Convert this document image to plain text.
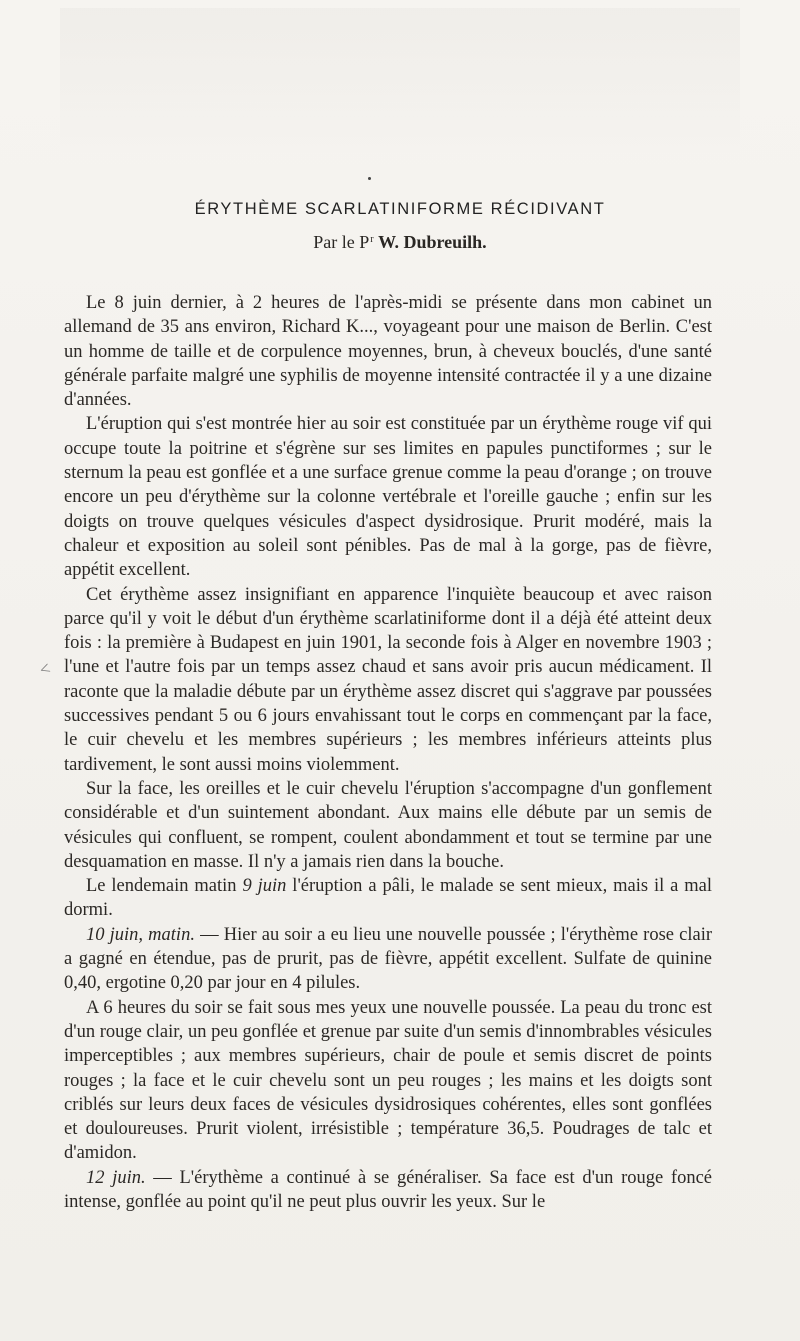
ÉRYTHÈME SCARLATINIFORME RÉCIDIVANT
Par le $P^r$ W. Dubreuilh.
<

Le 8 juin dernier, à 2 heures de l'après-midi se présente dans mon cabinet un allemand de 35 ans environ, Richard K..., voyageant pour une maison de Berlin. C'est un homme de taille et de corpulence moyennes, brun, à cheveux bouclés, d'une santé générale parfaite malgré une syphilis de moyenne intensité contractée il y a une dizaine d'années.

L'éruption qui s'est montrée hier au soir est constituée par un érythème rouge vif qui occupe toute la poitrine et s'égrène sur ses limites en papules punctiformes ; sur le sternum la peau est gonflée et a une surface grenue comme la peau d'orange ; on trouve encore un peu d'érythème sur la colonne vertébrale et l'oreille gauche ; enfin sur les doigts on trouve quelques vésicules d'aspect dysidrosique. Prurit modéré, mais la chaleur et exposition au soleil sont pénibles. Pas de mal à la gorge, pas de fièvre, appétit excellent.

Cet érythème assez insignifiant en apparence l'inquiète beaucoup et avec raison parce qu'il y voit le début d'un érythème scarlatiniforme dont il a déjà été atteint deux fois : la première à Budapest en juin 1901, la seconde fois à Alger en novembre 1903 ; l'une et l'autre fois par un temps assez chaud et sans avoir pris aucun médicament. Il raconte que la maladie débute par un érythème assez discret qui s'aggrave par poussées successives pendant 5 ou 6 jours envahissant tout le corps en commençant par la face, le cuir chevelu et les membres supérieurs ; les membres inférieurs atteints plus tardivement, le sont aussi moins violemment.

Sur la face, les oreilles et le cuir chevelu l'éruption s'accompagne d'un gonflement considérable et d'un suintement abondant. Aux mains elle débute par un semis de vésicules qui confluent, se rompent, coulent abondamment et tout se termine par une desquamation en masse. Il n'y a jamais rien dans la bouche.

Le lendemain matin 9 juin l'éruption a pâli, le malade se sent mieux, mais il a mal dormi.

10 juin, matin. — Hier au soir a eu lieu une nouvelle poussée ; l'érythème rose clair a gagné en étendue, pas de prurit, pas de fièvre, appétit excellent. Sulfate de quinine 0,40, ergotine 0,20 par jour en 4 pilules.

A 6 heures du soir se fait sous mes yeux une nouvelle poussée. La peau du tronc est d'un rouge clair, un peu gonflée et grenue par suite d'un semis d'innombrables vésicules imperceptibles ; aux membres supérieurs, chair de poule et semis discret de points rouges ; la face et le cuir chevelu sont un peu rouges ; les mains et les doigts sont criblés sur leurs deux faces de vésicules dysidrosiques cohérentes, elles sont gonflées et douloureuses. Prurit violent, irrésistible ; température 36,5. Poudrages de talc et d'amidon.

12 juin. — L'érythème a continué à se généraliser. Sa face est d'un rouge foncé intense, gonflée au point qu'il ne peut plus ouvrir les yeux. Sur le
